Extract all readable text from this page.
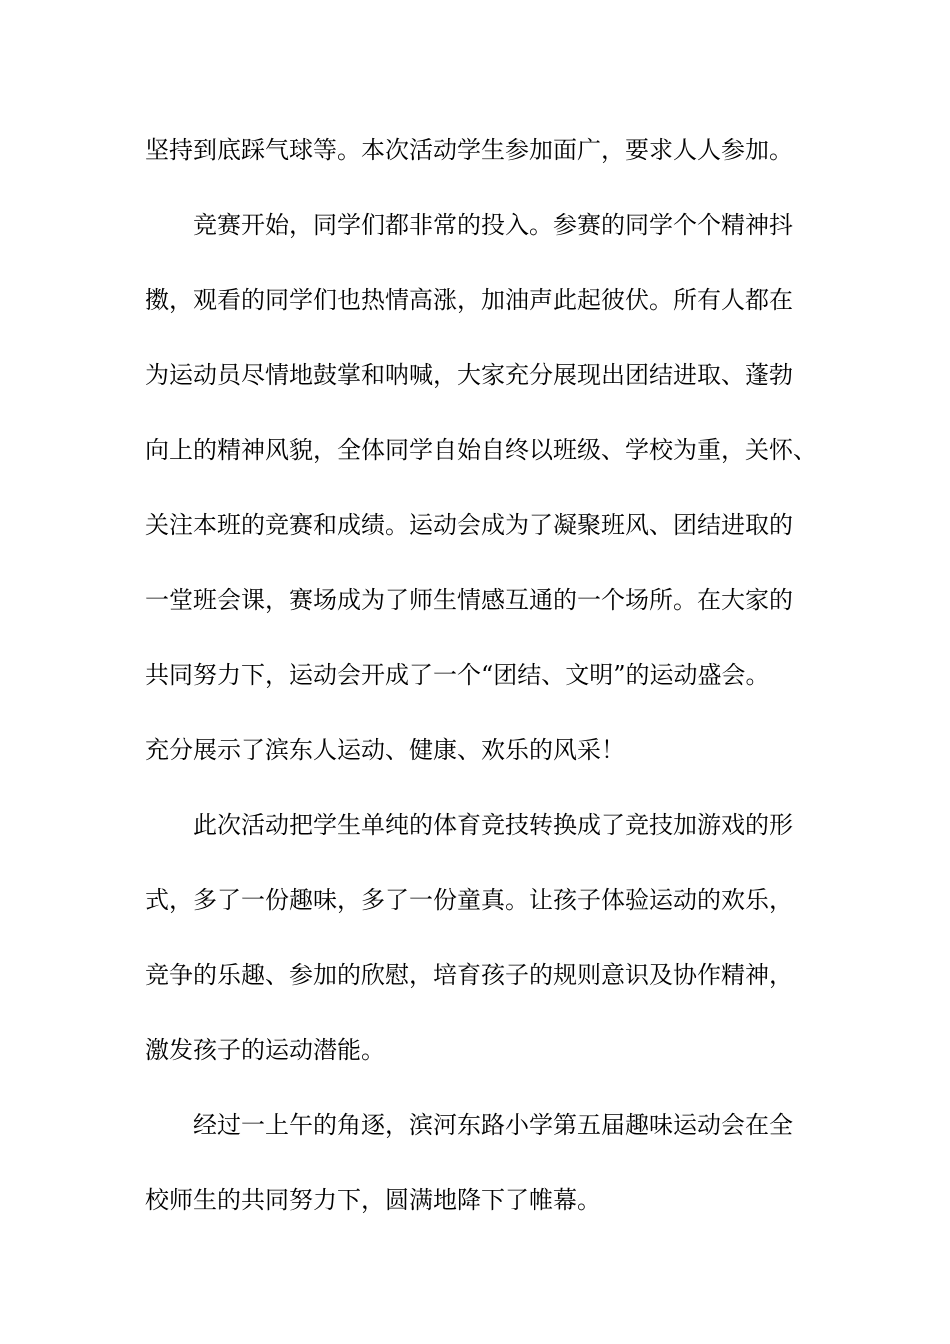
坚持到底踩气球等。本次活动学生参加面广，要求人人参加。
竞赛开始，同学们都非常的投入。参赛的同学个个精神抖
擞，观看的同学们也热情高涨，加油声此起彼伏。所有人都在
为运动员尽情地鼓掌和呐喊，大家充分展现出团结进取、蓬勃
向上的精神风貌，全体同学自始自终以班级、学校为重，关怀、
关注本班的竞赛和成绩。运动会成为了凝聚班风、团结进取的
一堂班会课，赛场成为了师生情感互通的一个场所。在大家的
共同努力下，运动会开成了一个“团结、文明”的运动盛会。
充分展示了滨东人运动、健康、欢乐的风采！
此次活动把学生单纯的体育竞技转换成了竞技加游戏的形
式，多了一份趣味，多了一份童真。让孩子体验运动的欢乐，
竞争的乐趣、参加的欣慰，培育孩子的规则意识及协作精神，
激发孩子的运动潜能。
经过一上午的角逐，滨河东路小学第五届趣味运动会在全
校师生的共同努力下，圆满地降下了帷幕。
